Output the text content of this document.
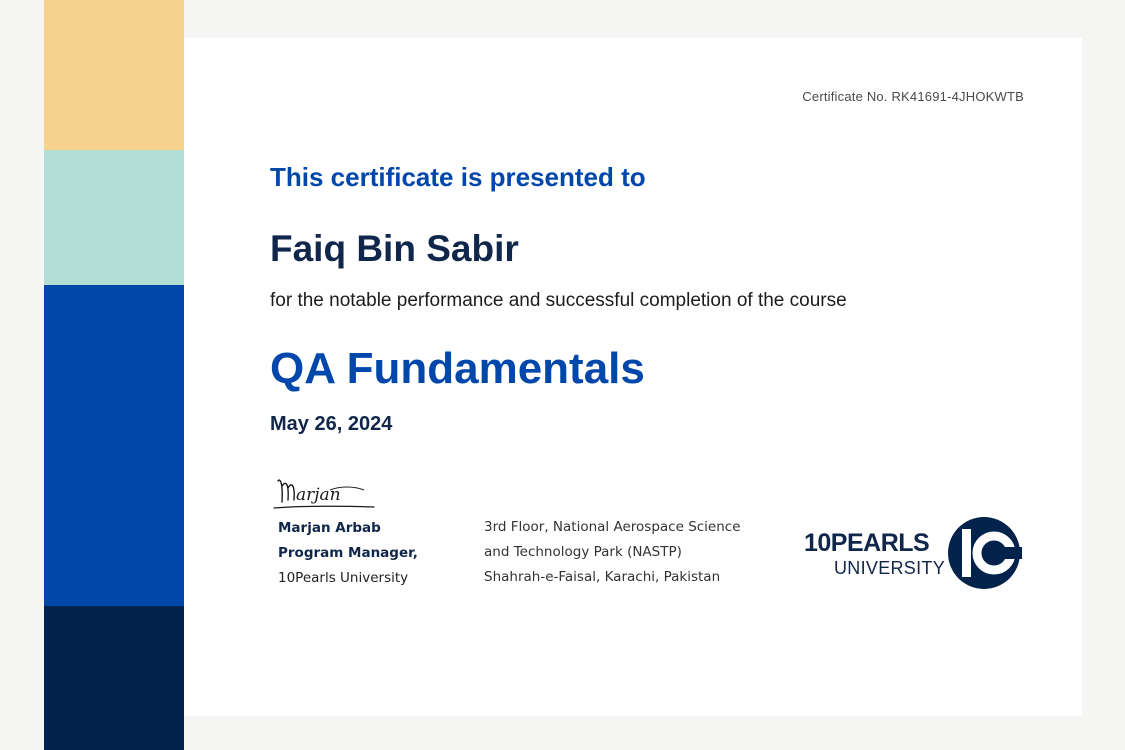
Certificate No. RK41691-4JHOKWTB
This certificate is presented to
Faiq Bin Sabir
for the notable performance and successful completion of the course
QA Fundamentals
May 26, 2024
arjan
Marjan Arbab
Program Manager,
10Pearls University
3rd Floor, National Aerospace Science
and Technology Park (NASTP)
Shahrah-e-Faisal, Karachi, Pakistan
10PEARLS
UNIVERSITY
